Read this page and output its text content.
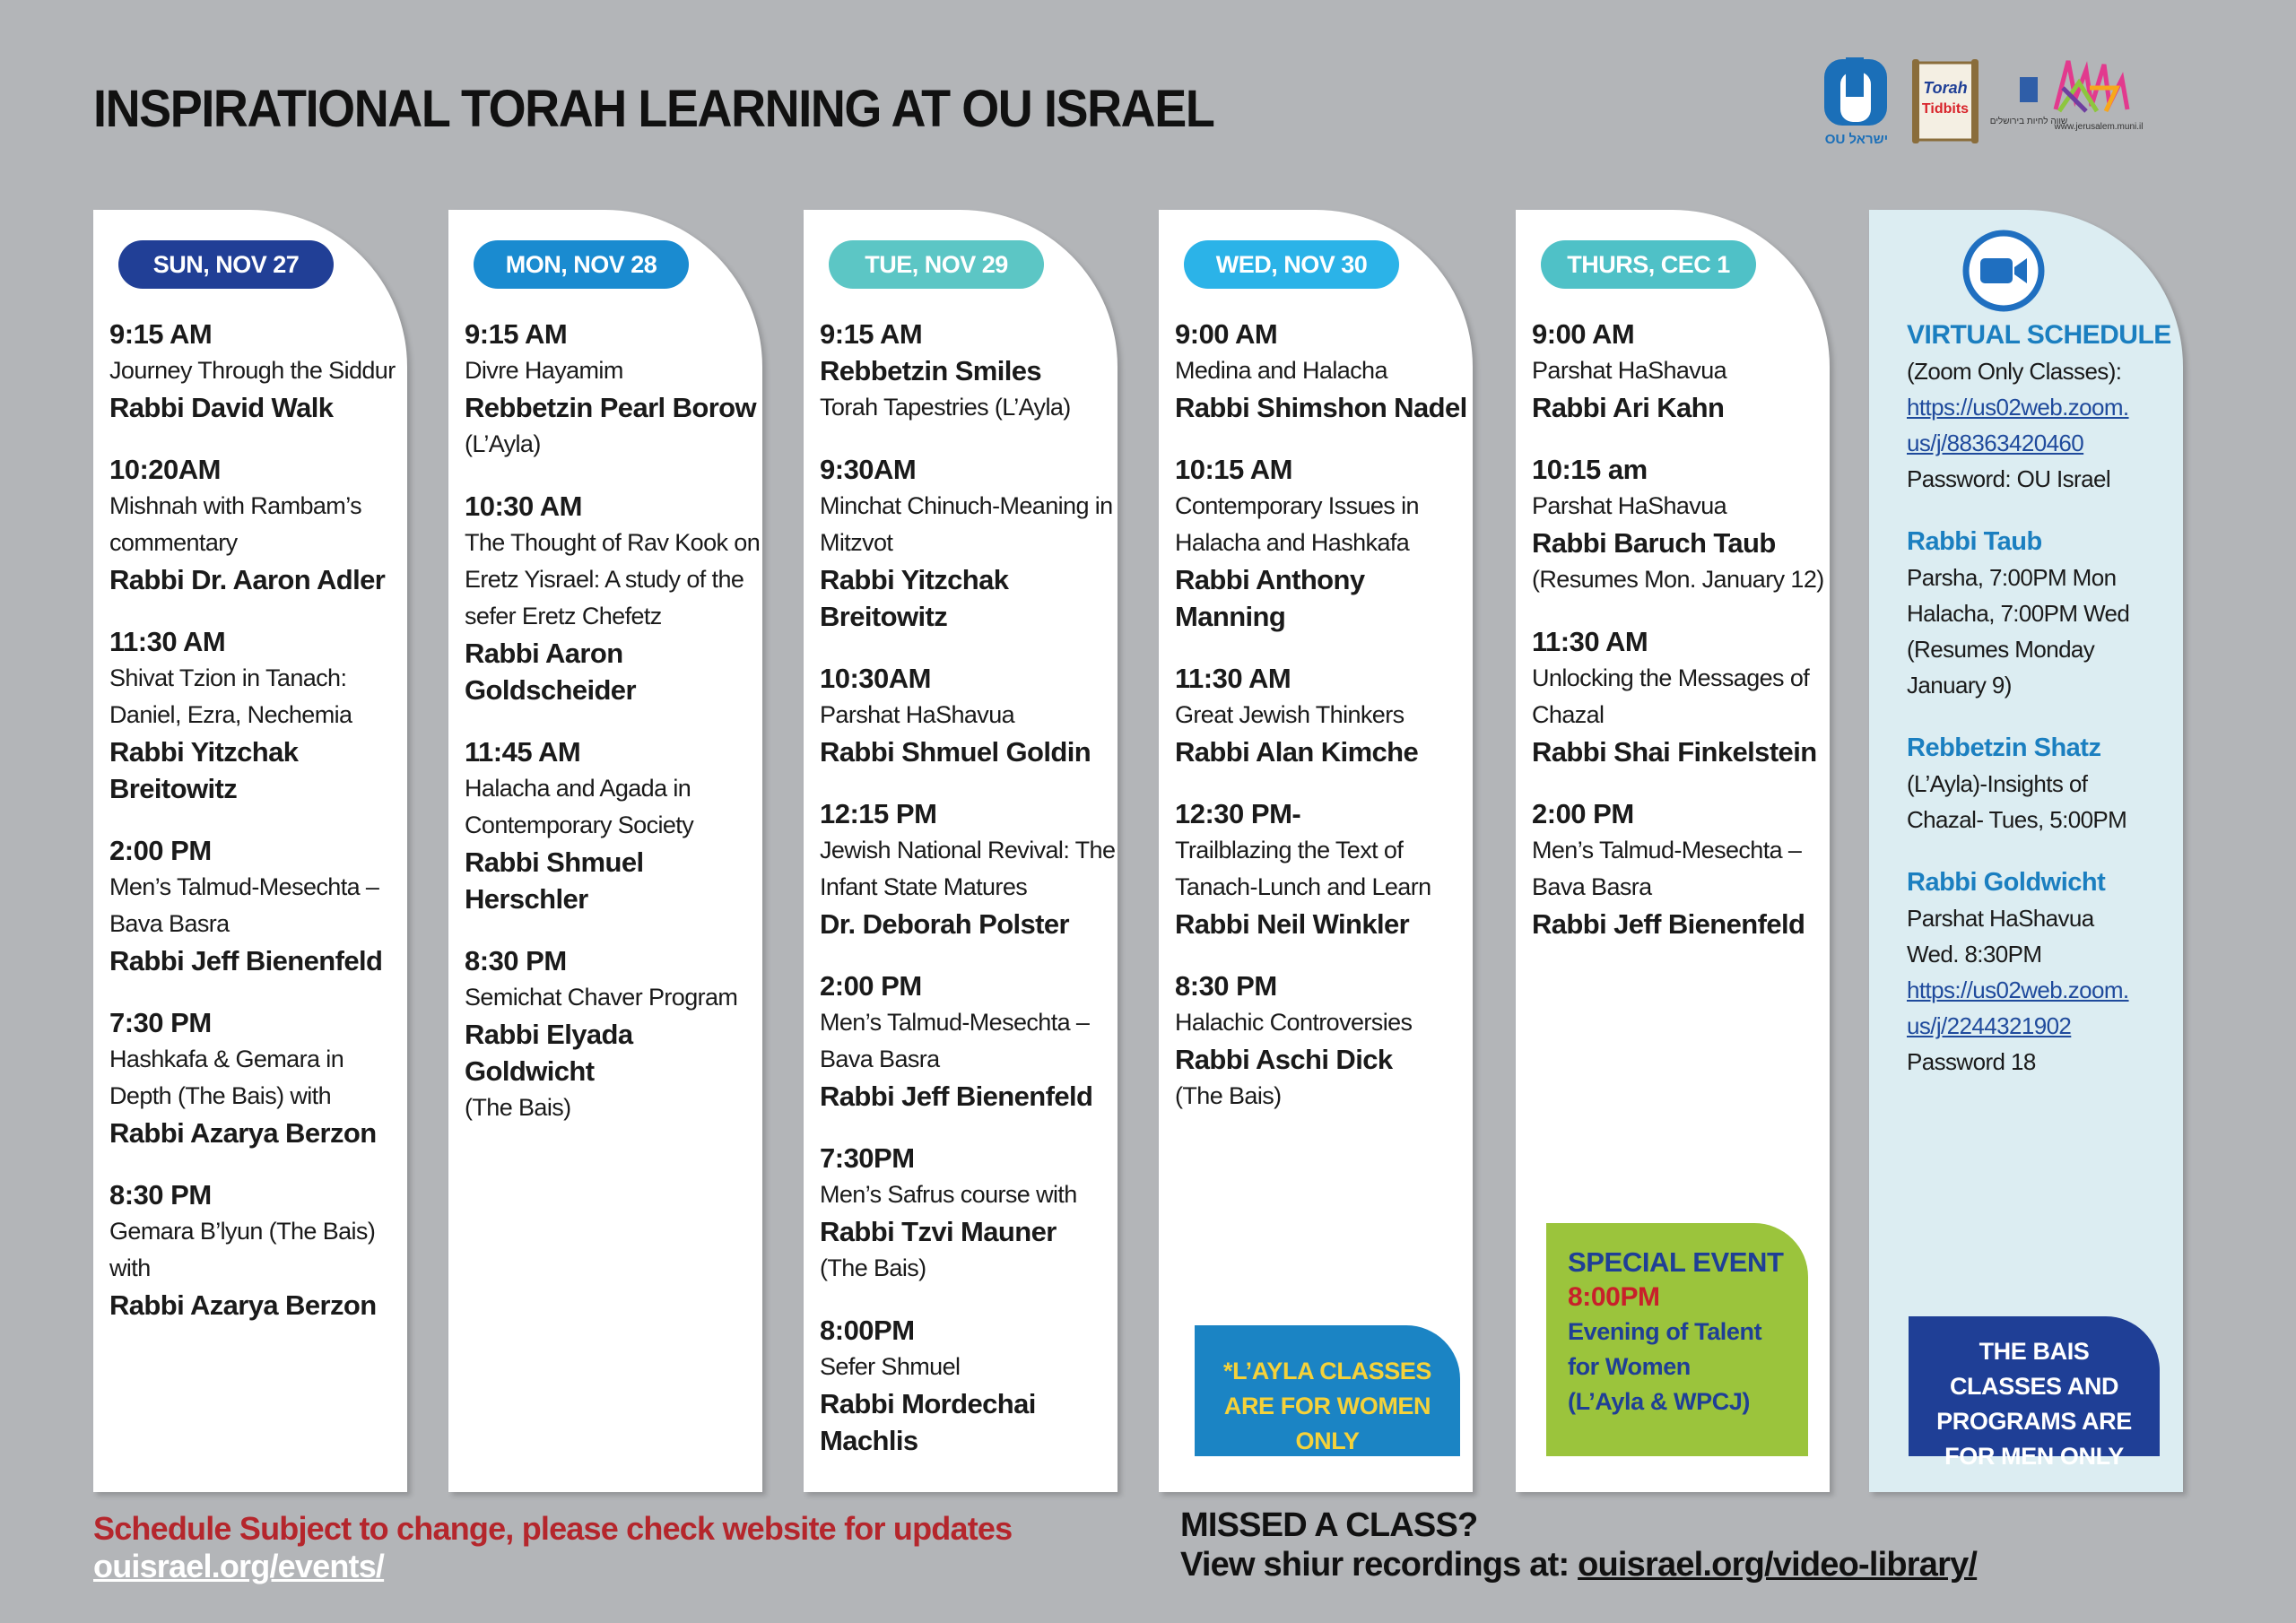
INSPIRATIONAL TORAH LEARNING AT OU ISRAEL
OU ישראל
Torah
Tidbits
שווה לחיות בירושלים
www.jerusalem.muni.il
SUN, NOV 27
9:15 AM
Journey Through the Siddur
Rabbi David Walk
10:20AM
Mishnah with Rambam’s commentary
Rabbi Dr. Aaron Adler
11:30 AM
Shivat Tzion in Tanach: Daniel, Ezra, Nechemia
Rabbi Yitzchak Breitowitz
2:00 PM
Men’s Talmud-Mesechta – Bava Basra
Rabbi Jeff Bienenfeld
7:30 PM
Hashkafa & Gemara in Depth (The Bais) with
Rabbi Azarya Berzon
8:30 PM
Gemara B’lyun (The Bais) with
Rabbi Azarya Berzon
MON, NOV 28
9:15 AM
Divre Hayamim
Rebbetzin Pearl Borow
(L’Ayla)
10:30 AM
The Thought of Rav Kook on Eretz Yisrael: A study of the sefer Eretz Chefetz
Rabbi Aaron Goldscheider
11:45 AM
Halacha and Agada in Contemporary Society
Rabbi Shmuel Herschler
8:30 PM
Semichat Chaver Program
Rabbi Elyada Goldwicht
(The Bais)
TUE, NOV 29
9:15 AM
Rebbetzin Smiles
Torah Tapestries (L’Ayla)
9:30AM
Minchat Chinuch-Meaning in Mitzvot
Rabbi Yitzchak Breitowitz
10:30AM
Parshat HaShavua
Rabbi Shmuel Goldin
12:15 PM
Jewish National Revival: The Infant State Matures
Dr. Deborah Polster
2:00 PM
Men’s Talmud-Mesechta – Bava Basra
Rabbi Jeff Bienenfeld
7:30PM
Men’s Safrus course with
Rabbi Tzvi Mauner
(The Bais)
8:00PM
Sefer Shmuel
Rabbi Mordechai Machlis
WED, NOV 30
9:00 AM
Medina and Halacha
Rabbi Shimshon Nadel
10:15 AM
Contemporary Issues in Halacha and Hashkafa
Rabbi Anthony Manning
11:30 AM
Great Jewish Thinkers
Rabbi Alan Kimche
12:30 PM-
Trailblazing the Text of Tanach-Lunch and Learn
Rabbi Neil Winkler
8:30 PM
Halachic Controversies
Rabbi Aschi Dick
(The Bais)
*L’AYLA CLASSES ARE FOR WOMEN ONLY
THURS, CEC 1
9:00 AM
Parshat HaShavua
Rabbi Ari Kahn
10:15 am
Parshat HaShavua
Rabbi Baruch Taub
(Resumes Mon. January 12)
11:30 AM
Unlocking the Messages of Chazal
Rabbi Shai Finkelstein
2:00 PM
Men’s Talmud-Mesechta – Bava Basra
Rabbi Jeff Bienenfeld
SPECIAL EVENT
8:00PM
Evening of Talent
for Women
(L’Ayla & WPCJ)
VIRTUAL SCHEDULE
(Zoom Only Classes):
https://us02web.zoom.
us/j/88363420460
Password: OU Israel
Rabbi Taub
Parsha, 7:00PM Mon
Halacha, 7:00PM Wed
(Resumes Monday
January 9)
Rebbetzin Shatz
(L’Ayla)-Insights of
Chazal- Tues, 5:00PM
Rabbi Goldwicht
Parshat HaShavua
Wed. 8:30PM
https://us02web.zoom.
us/j/2244321902
Password 18
THE BAIS CLASSES AND PROGRAMS ARE FOR MEN ONLY
Schedule Subject to change, please check website for updates
ouisrael.org/events/
MISSED A CLASS?
View shiur recordings at: ouisrael.org/video-library/
